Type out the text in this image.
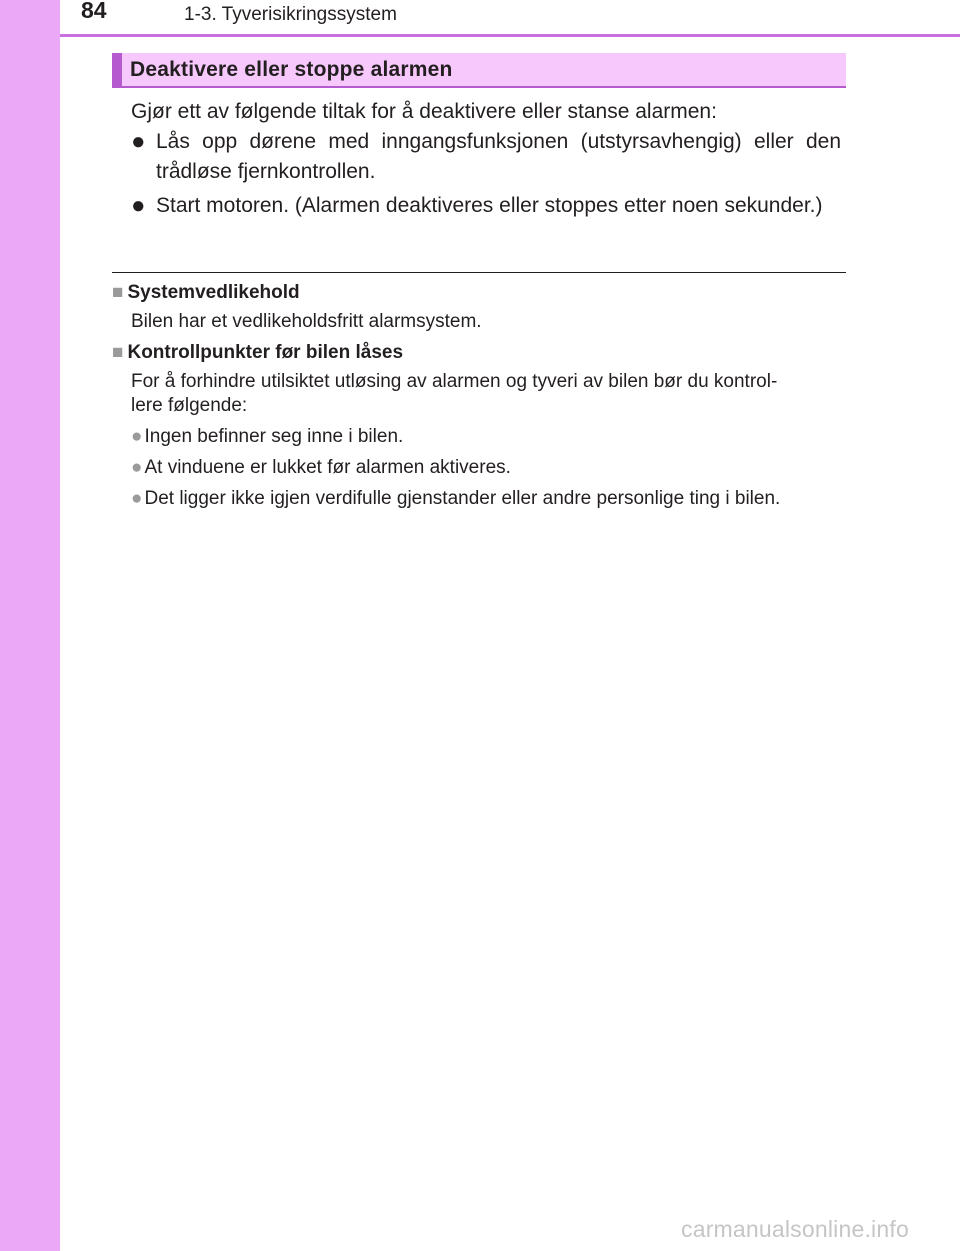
84	1-3. Tyverisikringssystem
Deaktivere eller stoppe alarmen
Gjør ett av følgende tiltak for å deaktivere eller stanse alarmen:
● Lås opp dørene med inngangsfunksjonen (utstyrsavhengig) eller den trådløse fjernkontrollen.
● Start motoren. (Alarmen deaktiveres eller stoppes etter noen sekunder.)
■ Systemvedlikehold
Bilen har et vedlikeholdsfritt alarmsystem.
■ Kontrollpunkter før bilen låses
For å forhindre utilsiktet utløsing av alarmen og tyveri av bilen bør du kontrol-
lere følgende:
● Ingen befinner seg inne i bilen.
● At vinduene er lukket før alarmen aktiveres.
● Det ligger ikke igjen verdifulle gjenstander eller andre personlige ting i bilen.
carmanualsonline.info
